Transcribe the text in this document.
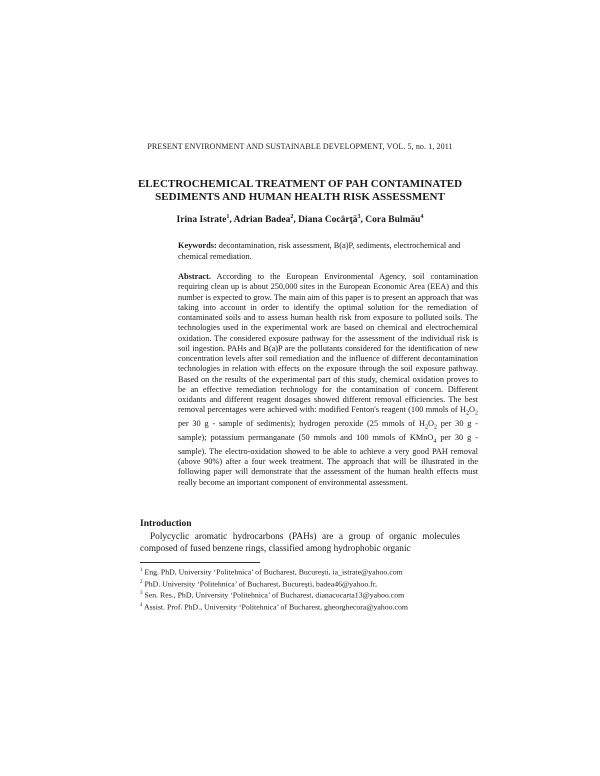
PRESENT ENVIRONMENT AND SUSTAINABLE DEVELOPMENT, VOL. 5, no. 1, 2011
ELECTROCHEMICAL TREATMENT OF PAH CONTAMINATED SEDIMENTS AND HUMAN HEALTH RISK ASSESSMENT
Irina Istrate$^1$, Adrian Badea$^2$, Diana Cocârţă$^3$, Cora Bulmău$^4$
Keywords: decontamination, risk assessment, B(a)P, sediments, electrochemical and chemical remediation.
Abstract. According to the European Environmental Agency, soil contamination requiring clean up is about 250,000 sites in the European Economic Area (EEA) and this number is expected to grow. The main aim of this paper is to present an approach that was taking into account in order to identify the optimal solution for the remediation of contaminated soils and to assess human health risk from exposure to polluted soils. The technologies used in the experimental work are based on chemical and electrochemical oxidation. The considered exposure pathway for the assessment of the individual risk is soil ingestion. PAHs and B(a)P are the pollutants considered for the identification of new concentration levels after soil remediation and the influence of different decontamination technologies in relation with effects on the exposure through the soil exposure pathway. Based on the results of the experimental part of this study, chemical oxidation proves to be an effective remediation technology for the contamination of concern. Different oxidants and different reagent dosages showed different removal efficiencies. The best removal percentages were achieved with: modified Fenton's reagent (100 mmols of $H_2O_2$ per 30 g - sample of sediments); hydrogen peroxide (25 mmols of $H_2O_2$ per 30 g - sample); potassium permanganate (50 mmols and 100 mmols of KMnO$_4$ per 30 g - sample). The electro-oxidation showed to be able to achieve a very good PAH removal (above 90%) after a four week treatment. The approach that will be illustrated in the following paper will demonstrate that the assessment of the human health effects must really become an important component of environmental assessment.
Introduction
Polycyclic aromatic hydrocarbons (PAHs) are a group of organic molecules composed of fused benzene rings, classified among hydrophobic organic
$^1$ Eng. PhD, University ‘Politehnica’ of Bucharest, Bucureşti, ia_istrate@yahoo.com
$^2$ PhD. University ‘Politehnica’ of Bucharest, Bucureşti, badea46@yahoo.fr,
$^3$ Sen. Res., PhD, University ‘Politehnica’ of Bucharest, dianacocarta13@yahoo.com
$^4$ Assist. Prof. PhD., University ‘Politehnica’ of Bucharest, gheorghecora@yahoo.com
